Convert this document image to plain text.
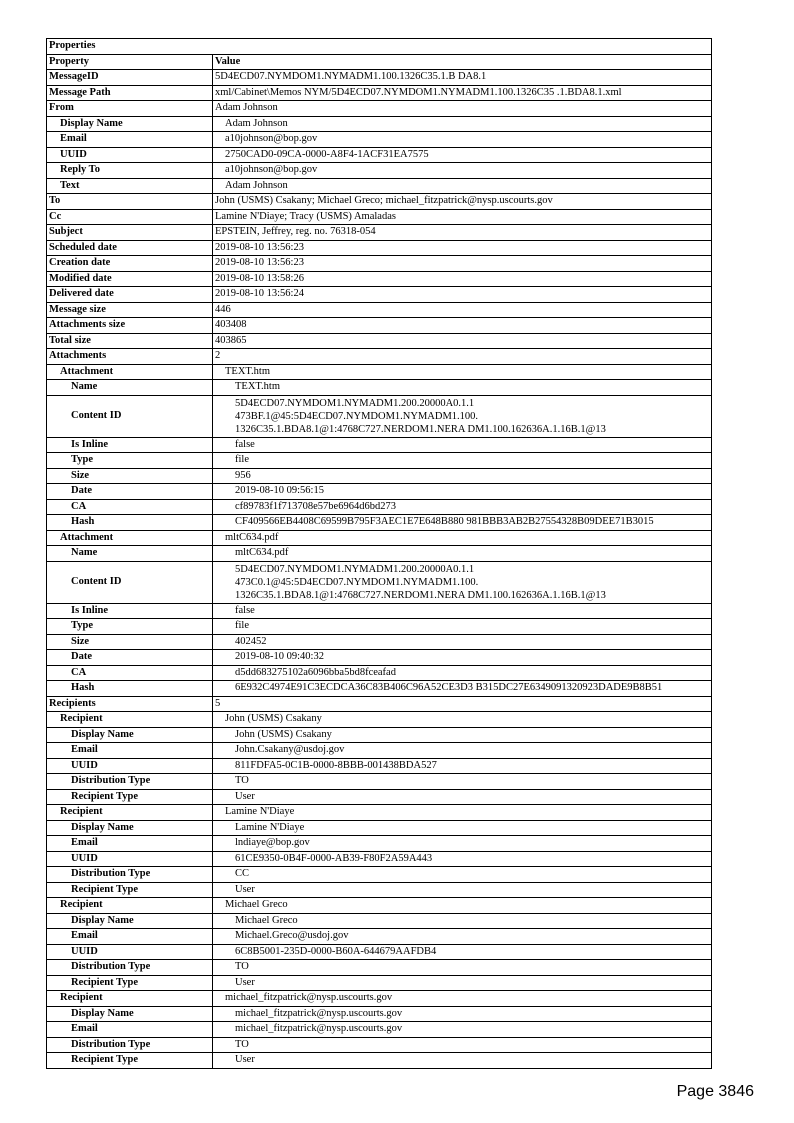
Properties	
Property	Value
MessageID	5D4ECD07.NYMDOM1.NYMADM1.100.1326C35.1.B DA8.1
Message Path	xml/Cabinet\Memos NYM/5D4ECD07.NYMDOM1.NYMADM1.100.1326C35 .1.BDA8.1.xml
From	Adam Johnson
Display Name	Adam Johnson
Email	a10johnson@bop.gov
UUID	2750CAD0-09CA-0000-A8F4-1ACF31EA7575
Reply To	a10johnson@bop.gov
Text	Adam Johnson
To	John (USMS) Csakany; Michael Greco; michael_fitzpatrick@nysp.uscourts.gov
Cc	Lamine N'Diaye; Tracy (USMS) Amaladas
Subject	EPSTEIN, Jeffrey, reg. no. 76318-054
Scheduled date	2019-08-10 13:56:23
Creation date	2019-08-10 13:56:23
Modified date	2019-08-10 13:58:26
Delivered date	2019-08-10 13:56:24
Message size	446
Attachments size	403408
Total size	403865
Attachments	2
Attachment	TEXT.htm
Name	TEXT.htm
Content ID	5D4ECD07.NYMDOM1.NYMADM1.200.20000A0.1.1
473BF.1@45:5D4ECD07.NYMDOM1.NYMADM1.100.
1326C35.1.BDA8.1@1:4768C727.NERDOM1.NERA DM1.100.162636A.1.16B.1@13
Is Inline	false
Type	file
Size	956
Date	2019-08-10 09:56:15
CA	cf89783f1f713708e57be6964d6bd273
Hash	CF409566EB4408C69599B795F3AEC1E7E648B880 981BBB3AB2B27554328B09DEE71B3015
Attachment	mltC634.pdf
Name	mltC634.pdf
Content ID	5D4ECD07.NYMDOM1.NYMADM1.200.20000A0.1.1
473C0.1@45:5D4ECD07.NYMDOM1.NYMADM1.100.
1326C35.1.BDA8.1@1:4768C727.NERDOM1.NERA DM1.100.162636A.1.16B.1@13
Is Inline	false
Type	file
Size	402452
Date	2019-08-10 09:40:32
CA	d5dd683275102a6096bba5bd8fceafad
Hash	6E932C4974E91C3ECDCA36C83B406C96A52CE3D3 B315DC27E6349091320923DADE9B8B51
Recipients	5
Recipient	John (USMS) Csakany
Display Name	John (USMS) Csakany
Email	John.Csakany@usdoj.gov
UUID	811FDFA5-0C1B-0000-8BBB-001438BDA527
Distribution Type	TO
Recipient Type	User
Recipient	Lamine N'Diaye
Display Name	Lamine N'Diaye
Email	lndiaye@bop.gov
UUID	61CE9350-0B4F-0000-AB39-F80F2A59A443
Distribution Type	CC
Recipient Type	User
Recipient	Michael Greco
Display Name	Michael Greco
Email	Michael.Greco@usdoj.gov
UUID	6C8B5001-235D-0000-B60A-644679AAFDB4
Distribution Type	TO
Recipient Type	User
Recipient	michael_fitzpatrick@nysp.uscourts.gov
Display Name	michael_fitzpatrick@nysp.uscourts.gov
Email	michael_fitzpatrick@nysp.uscourts.gov
Distribution Type	TO
Recipient Type	User
Page 3846
